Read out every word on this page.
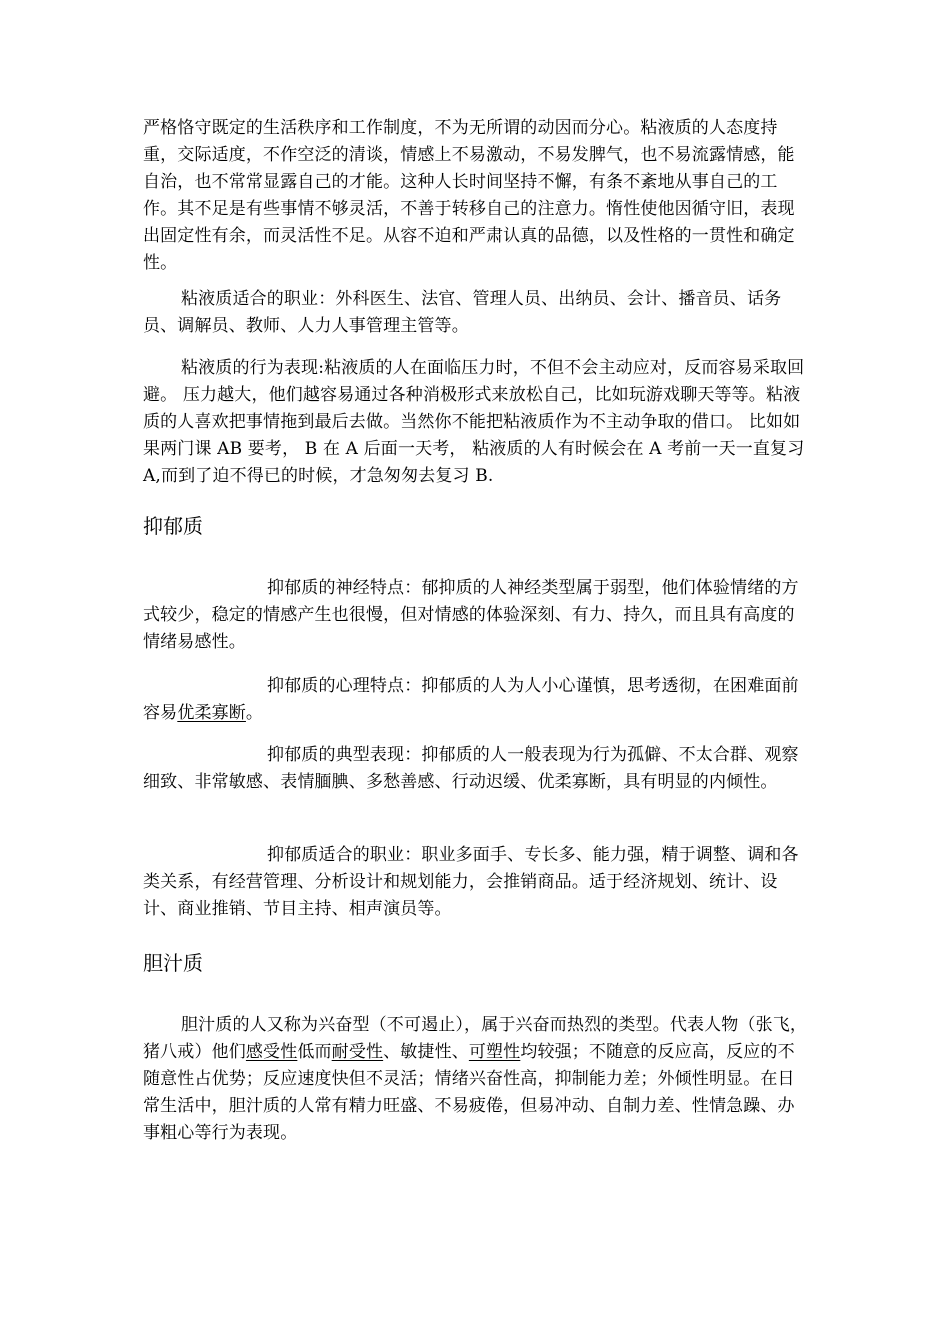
严格恪守既定的生活秩序和工作制度，不为无所谓的动因而分心。粘液质的人态度持重，交际适度，不作空泛的清谈，情感上不易激动，不易发脾气，也不易流露情感，能自治，也不常常显露自己的才能。这种人长时间坚持不懈，有条不紊地从事自己的工作。其不足是有些事情不够灵活，不善于转移自己的注意力。惰性使他因循守旧，表现出固定性有余，而灵活性不足。从容不迫和严肃认真的品德，以及性格的一贯性和确定性。

粘液质适合的职业：外科医生、法官、管理人员、出纳员、会计、播音员、话务员、调解员、教师、人力人事管理主管等。

粘液质的行为表现:粘液质的人在面临压力时，不但不会主动应对，反而容易采取回避。 压力越大，他们越容易通过各种消极形式来放松自己，比如玩游戏聊天等等。粘液质的人喜欢把事情拖到最后去做。当然你不能把粘液质作为不主动争取的借口。 比如如果两门课 AB 要考， B 在 A 后面一天考， 粘液质的人有时候会在 A 考前一天一直复习 A,而到了迫不得已的时候，才急匆匆去复习 B.

抑郁质

抑郁质的神经特点：郁抑质的人神经类型属于弱型，他们体验情绪的方式较少，稳定的情感产生也很慢，但对情感的体验深刻、有力、持久，而且具有高度的情绪易感性。

抑郁质的心理特点：抑郁质的人为人小心谨慎，思考透彻，在困难面前容易优柔寡断。

抑郁质的典型表现：抑郁质的人一般表现为行为孤僻、不太合群、观察细致、非常敏感、表情腼腆、多愁善感、行动迟缓、优柔寡断，具有明显的内倾性。

抑郁质适合的职业：职业多面手、专长多、能力强，精于调整、调和各类关系，有经营管理、分析设计和规划能力，会推销商品。适于经济规划、统计、设计、商业推销、节目主持、相声演员等。

胆汁质

胆汁质的人又称为兴奋型（不可遏止），属于兴奋而热烈的类型。代表人物（张飞，猪八戒）他们感受性低而耐受性、敏捷性、可塑性均较强；不随意的反应高，反应的不随意性占优势；反应速度快但不灵活；情绪兴奋性高，抑制能力差；外倾性明显。在日常生活中，胆汁质的人常有精力旺盛、不易疲倦，但易冲动、自制力差、性情急躁、办事粗心等行为表现。
